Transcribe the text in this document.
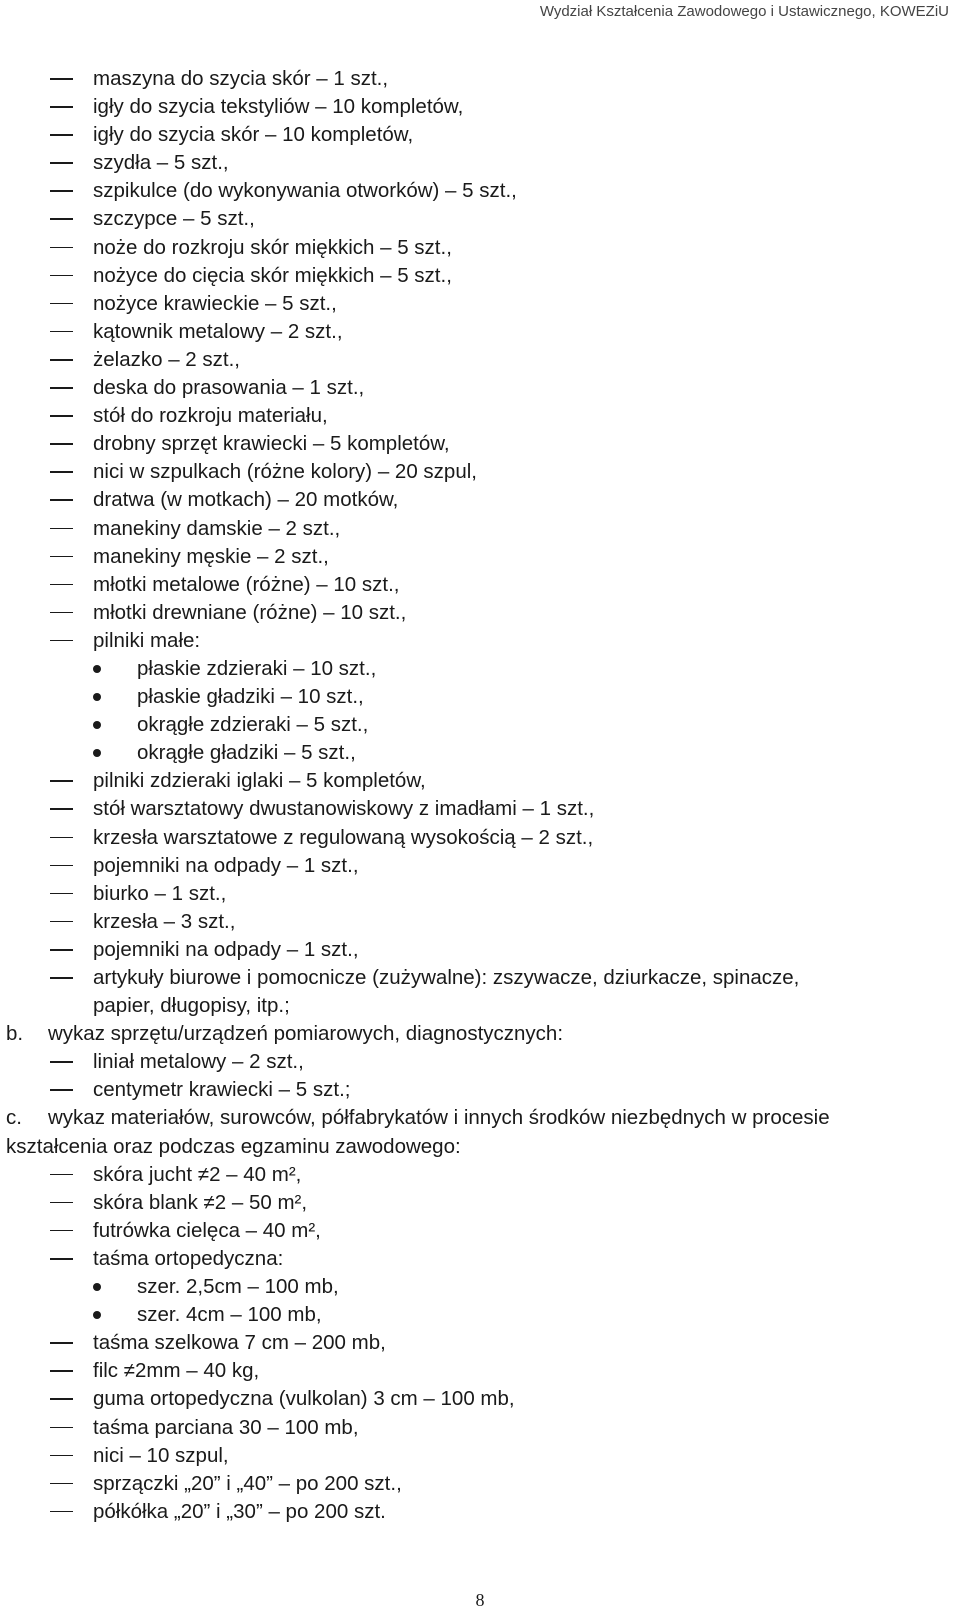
Wydział Kształcenia Zawodowego i Ustawicznego, KOWEZiU
maszyna do szycia skór – 1 szt.,
igły do szycia tekstyliów – 10 kompletów,
igły do szycia skór – 10 kompletów,
szydła – 5 szt.,
szpikulce (do wykonywania otworków) – 5 szt.,
szczypce – 5 szt.,
noże do rozkroju skór miękkich – 5 szt.,
nożyce do cięcia skór miękkich – 5 szt.,
nożyce krawieckie – 5 szt.,
kątownik metalowy – 2 szt.,
żelazko – 2 szt.,
deska do prasowania – 1 szt.,
stół do rozkroju materiału,
drobny sprzęt krawiecki – 5 kompletów,
nici w szpulkach (różne kolory) – 20 szpul,
dratwa (w motkach) – 20 motków,
manekiny damskie – 2 szt.,
manekiny męskie – 2 szt.,
młotki metalowe (różne) – 10 szt.,
młotki drewniane (różne) – 10 szt.,
pilniki małe:
płaskie zdzieraki – 10 szt.,
płaskie gładziki – 10 szt.,
okrągłe zdzieraki – 5 szt.,
okrągłe gładziki – 5 szt.,
pilniki zdzieraki iglaki – 5 kompletów,
stół warsztatowy dwustanowiskowy z imadłami – 1 szt.,
krzesła warsztatowe z regulowaną wysokością – 2 szt.,
pojemniki na odpady – 1 szt.,
biurko – 1 szt.,
krzesła – 3 szt.,
pojemniki na odpady – 1 szt.,
artykuły biurowe i pomocnicze (zużywalne): zszywacze, dziurkacze, spinacze,
papier, długopisy, itp.;
b. wykaz sprzętu/urządzeń pomiarowych, diagnostycznych:
liniał metalowy – 2 szt.,
centymetr krawiecki – 5 szt.;
c. wykaz materiałów, surowców, półfabrykatów i innych środków niezbędnych w procesie
kształcenia oraz podczas egzaminu zawodowego:
skóra jucht ≠2 – 40 m²,
skóra blank ≠2 – 50 m²,
futrówka cielęca – 40 m²,
taśma ortopedyczna:
szer. 2,5cm – 100 mb,
szer. 4cm – 100 mb,
taśma szelkowa 7 cm – 200 mb,
filc ≠2mm – 40 kg,
guma ortopedyczna (vulkolan) 3 cm – 100 mb,
taśma parciana 30 – 100 mb,
nici – 10 szpul,
sprzączki „20” i „40” – po 200 szt.,
półkółka „20” i „30” – po 200 szt.
8
